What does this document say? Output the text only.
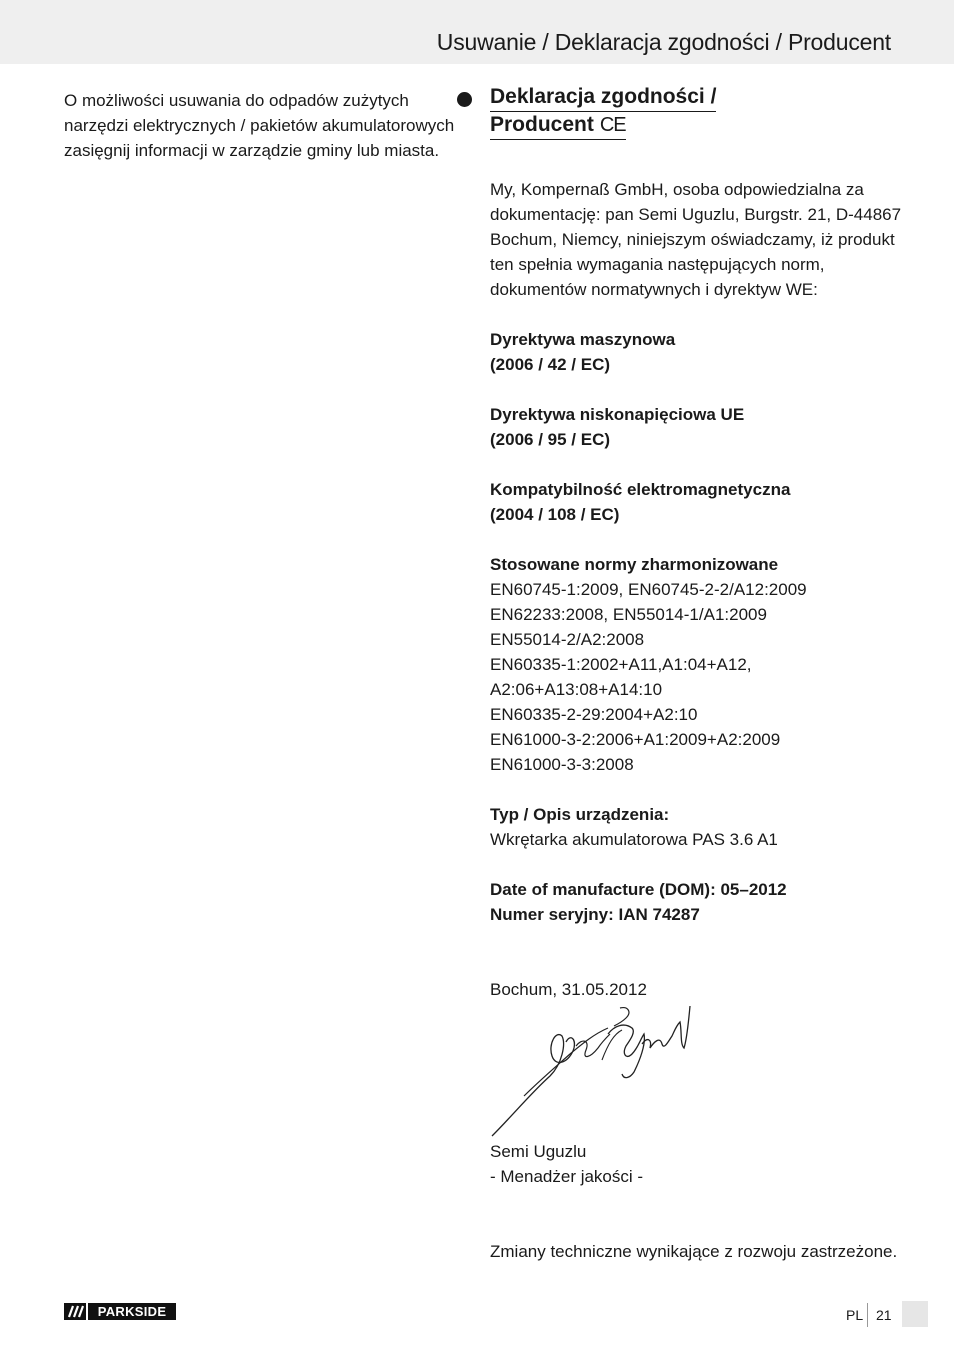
Usuwanie / Deklaracja zgodności / Producent

O możliwości usuwania do odpadów zużytych narzędzi elektrycznych / pakietów akumulatorowych zasięgnij informacji w zarządzie gminy lub miasta.

Deklaracja zgodności /
Producent CE

My, Kompernaß GmbH, osoba odpowiedzialna za dokumentację: pan Semi Uguzlu, Burgstr. 21, D-44867 Bochum, Niemcy, niniejszym oświadczamy, iż produkt ten spełnia wymagania następujących norm, dokumentów normatywnych i dyrektyw WE:

Dyrektywa maszynowa
(2006 / 42 / EC)
Dyrektywa niskonapięciowa UE
(2006 / 95 / EC)
Kompatybilność elektromagnetyczna
(2004 / 108 / EC)
Stosowane normy zharmonizowane
EN60745-1:2009, EN60745-2-2/A12:2009
EN62233:2008, EN55014-1/A1:2009
EN55014-2/A2:2008
EN60335-1:2002+A11,A1:04+A12,
A2:06+A13:08+A14:10
EN60335-2-29:2004+A2:10
EN61000-3-2:2006+A1:2009+A2:2009
EN61000-3-3:2008
Typ / Opis urządzenia:
Wkrętarka akumulatorowa PAS 3.6 A1
Date of manufacture (DOM): 05–2012
Numer seryjny: IAN 74287

Bochum, 31.05.2012

Semi Uguzlu

- Menadżer jakości -

Zmiany techniczne wynikające z rozwoju zastrzeżone.

PARKSIDE	PL 21
